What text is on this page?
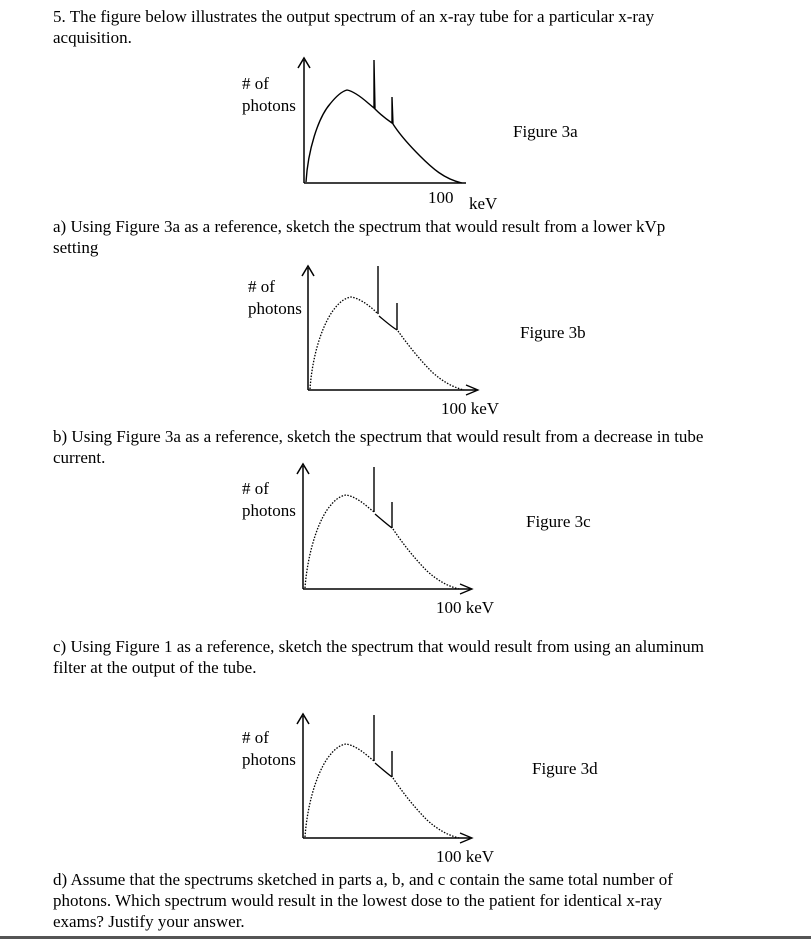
5. The figure below illustrates the output spectrum of an x-ray tube for a particular x-ray
acquisition.
# of
photons
Figure 3a
100 keV
a) Using Figure 3a as a reference, sketch the spectrum that would result from a lower kVp
setting
# of
photons
Figure 3b
100 keV
b) Using Figure 3a as a reference, sketch the spectrum that would result from a decrease in tube
current.
# of
photons
Figure 3c
100 keV
c) Using Figure 1 as a reference, sketch the spectrum that would result from using an aluminum
filter at the output of the tube.
# of
photons	Figure 3d
100 keV
d) Assume that the spectrums sketched in parts a, b, and c contain the same total number of
photons. Which spectrum would result in the lowest dose to the patient for identical x-ray
exams? Justify your answer.
